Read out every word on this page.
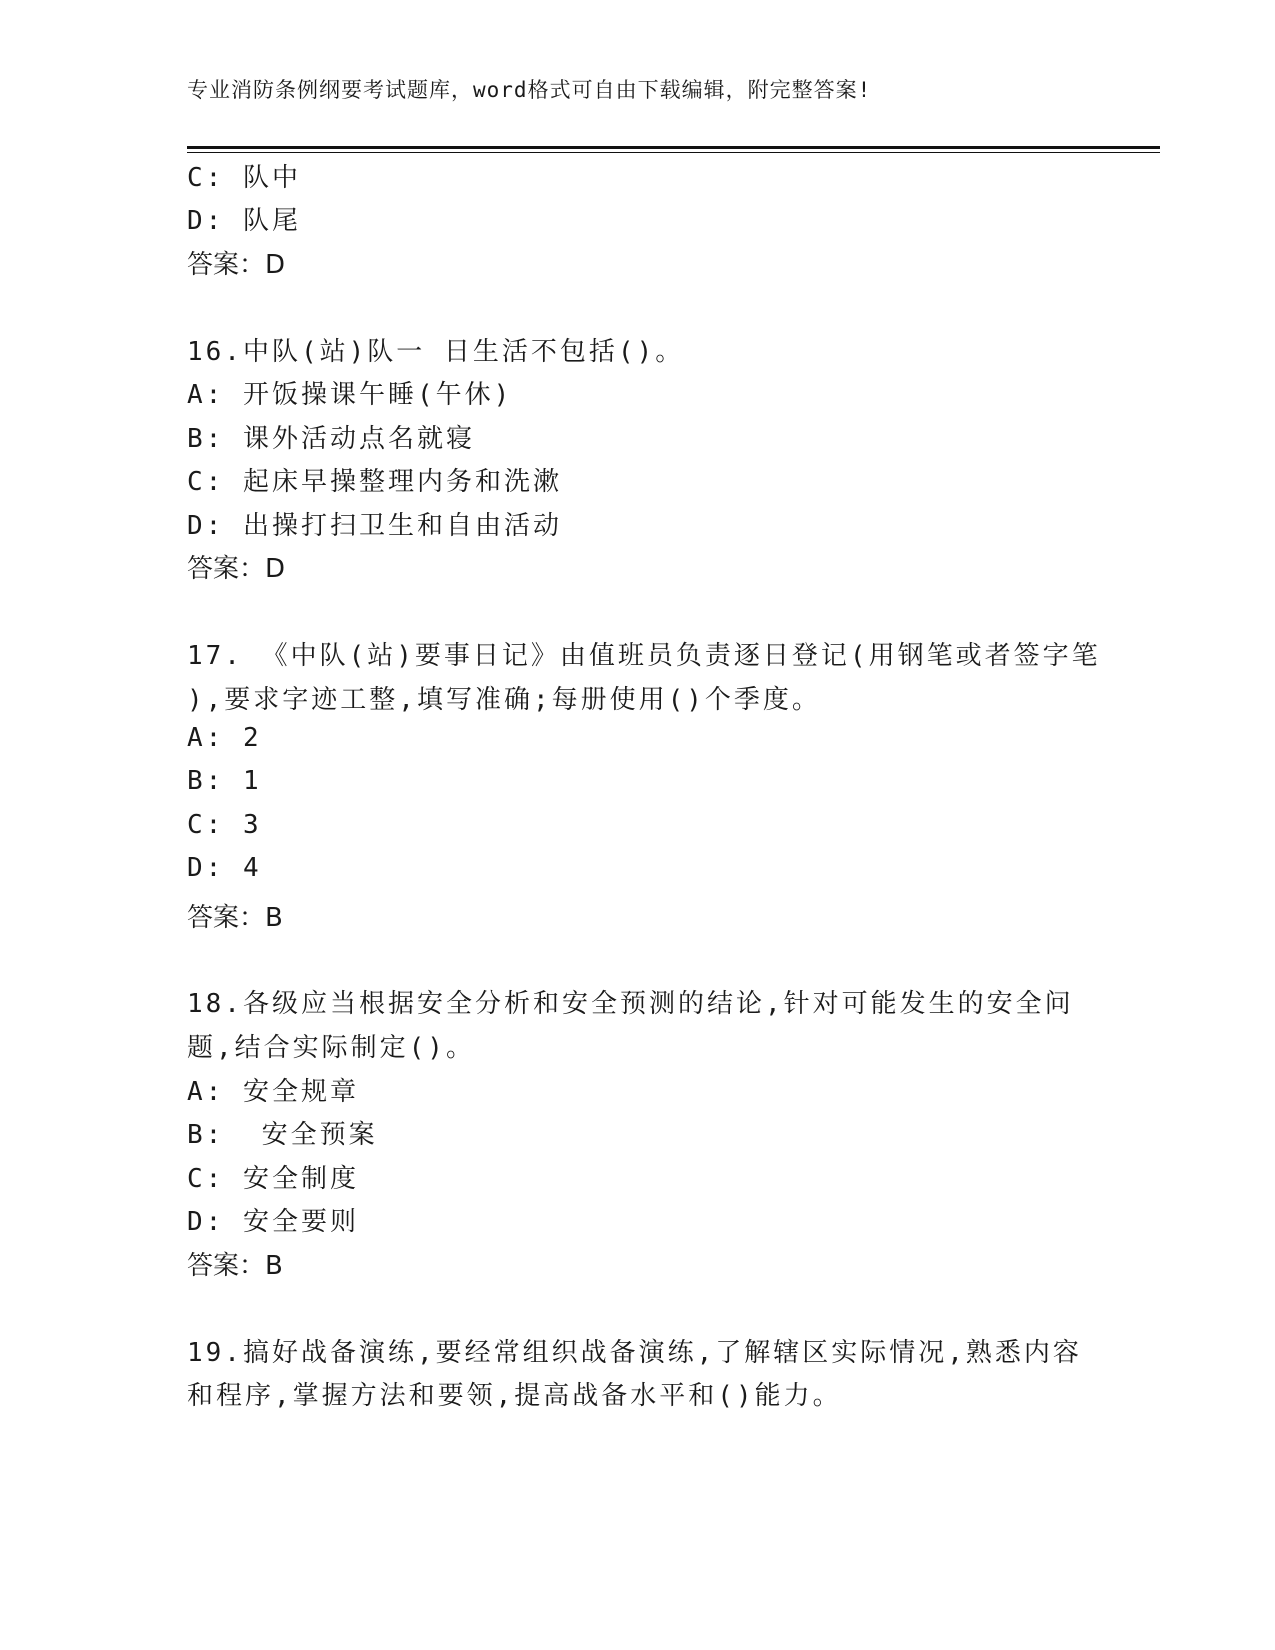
专业消防条例纲要考试题库，word格式可自由下载编辑，附完整答案!
C: 队中
D: 队尾
答案：D
16.中队(站)队一 日生活不包括()。
A: 开饭操课午睡(午休)
B: 课外活动点名就寝
C: 起床早操整理内务和洗漱
D: 出操打扫卫生和自由活动
答案：D
17. 《中队(站)要事日记》由值班员负责逐日登记(用钢笔或者签字笔
),要求字迹工整,填写准确;每册使用()个季度。
A: 2
B: 1
C: 3
D: 4
答案：B
18.各级应当根据安全分析和安全预测的结论,针对可能发生的安全问
题,结合实际制定()。
A: 安全规章
B:  安全预案
C: 安全制度
D: 安全要则
答案：B
19.搞好战备演练,要经常组织战备演练,了解辖区实际情况,熟悉内容
和程序,掌握方法和要领,提高战备水平和()能力。
